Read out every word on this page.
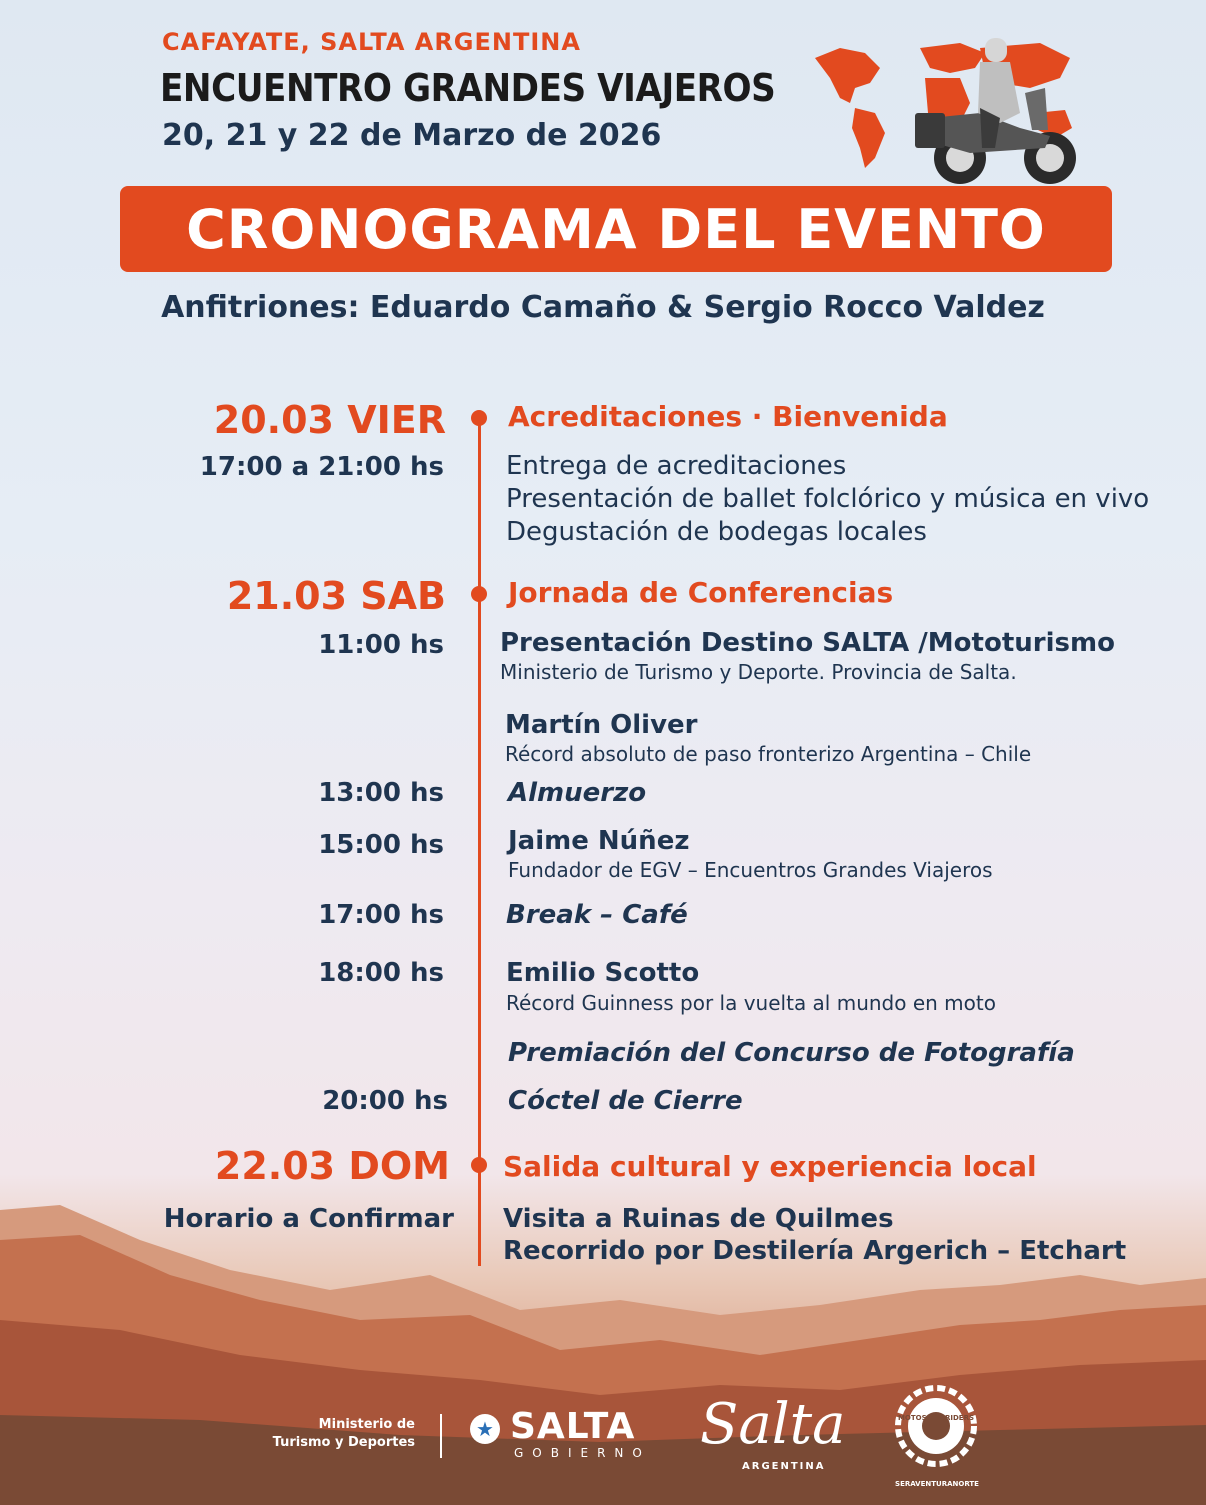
CAFAYATE, SALTA ARGENTINA
ENCUENTRO GRANDES VIAJEROS
20, 21 y 22 de Marzo de 2026
CRONOGRAMA DEL EVENTO
Anfitriones: Eduardo Camaño & Sergio Rocco Valdez
20.03 VIER Acreditaciones · Bienvenida
17:00 a 21:00 hs Entrega de acreditaciones
Presentación de ballet folclórico y música en vivo
Degustación de bodegas locales
21.03 SAB Jornada de Conferencias
11:00 hs Presentación Destino SALTA /Mototurismo
Ministerio de Turismo y Deporte. Provincia de Salta.
Martín Oliver
Récord absoluto de paso fronterizo Argentina – Chile
13:00 hs Almuerzo
15:00 hs Jaime Núñez
Fundador de EGV – Encuentros Grandes Viajeros
17:00 hs Break – Café
18:00 hs Emilio Scotto
Récord Guinness por la vuelta al mundo en moto
Premiación del Concurso de Fotografía
20:00 hs Cóctel de Cierre
22.03 DOM Salida cultural y experiencia local
Horario a Confirmar Visita a Ruinas de Quilmes
Recorrido por Destilería Argerich – Etchart
Ministerio de
Turismo y Deportes
★ SALTA
GOBIERNO Salta
ARGENTINA
MOTOSALTARIDERS
SERAVENTURANORTE
